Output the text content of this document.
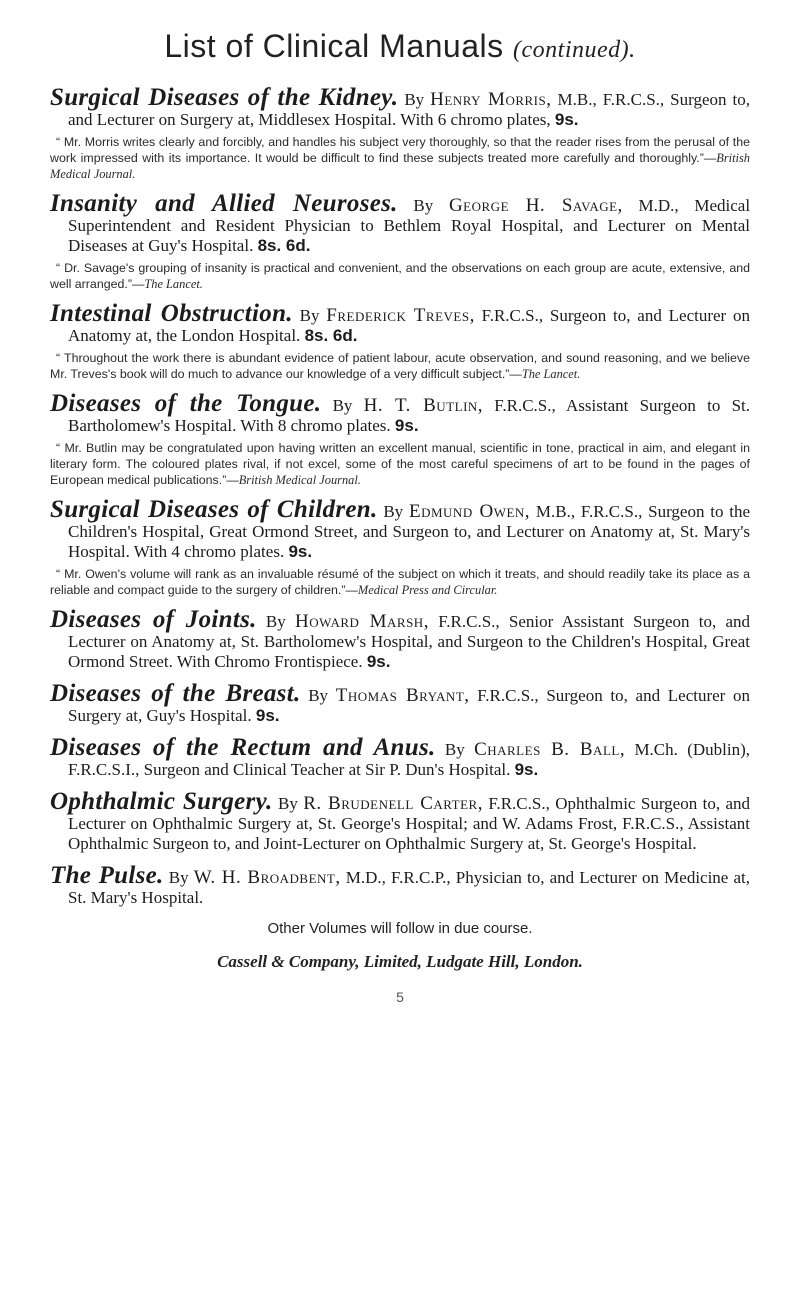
List of Clinical Manuals (continued).

Surgical Diseases of the Kidney. By Henry Morris, M.B., F.R.C.S., Surgeon to, and Lecturer on Surgery at, Middlesex Hospital. With 6 chromo plates, 9s.

“ Mr. Morris writes clearly and forcibly, and handles his subject very thoroughly, so that the reader rises from the perusal of the work impressed with its importance. It would be difficult to find these subjects treated more carefully and thoroughly.”—British Medical Journal.

Insanity and Allied Neuroses. By George H. Savage, M.D., Medical Superintendent and Resident Physician to Bethlem Royal Hospital, and Lecturer on Mental Diseases at Guy's Hospital. 8s. 6d.

“ Dr. Savage's grouping of insanity is practical and convenient, and the observations on each group are acute, extensive, and well arranged.”—The Lancet.

Intestinal Obstruction. By Frederick Treves, F.R.C.S., Surgeon to, and Lecturer on Anatomy at, the London Hospital. 8s. 6d.

“ Throughout the work there is abundant evidence of patient labour, acute observation, and sound reasoning, and we believe Mr. Treves's book will do much to advance our knowledge of a very difficult subject.”—The Lancet.

Diseases of the Tongue. By H. T. Butlin, F.R.C.S., Assistant Surgeon to St. Bartholomew's Hospital. With 8 chromo plates. 9s.

“ Mr. Butlin may be congratulated upon having written an excellent manual, scientific in tone, practical in aim, and elegant in literary form. The coloured plates rival, if not excel, some of the most careful specimens of art to be found in the pages of European medical publications.”—British Medical Journal.

Surgical Diseases of Children. By Edmund Owen, M.B., F.R.C.S., Surgeon to the Children's Hospital, Great Ormond Street, and Surgeon to, and Lecturer on Anatomy at, St. Mary's Hospital. With 4 chromo plates. 9s.

“ Mr. Owen's volume will rank as an invaluable résumé of the subject on which it treats, and should readily take its place as a reliable and compact guide to the surgery of children.”—Medical Press and Circular.

Diseases of Joints. By Howard Marsh, F.R.C.S., Senior Assistant Surgeon to, and Lecturer on Anatomy at, St. Bartholomew's Hospital, and Surgeon to the Children's Hospital, Great Ormond Street. With Chromo Frontispiece. 9s.

Diseases of the Breast. By Thomas Bryant, F.R.C.S., Surgeon to, and Lecturer on Surgery at, Guy's Hospital. 9s.

Diseases of the Rectum and Anus. By Charles B. Ball, M.Ch. (Dublin), F.R.C.S.I., Surgeon and Clinical Teacher at Sir P. Dun's Hospital. 9s.

Ophthalmic Surgery. By R. Brudenell Carter, F.R.C.S., Ophthalmic Surgeon to, and Lecturer on Ophthalmic Surgery at, St. George's Hospital; and W. Adams Frost, F.R.C.S., Assistant Ophthalmic Surgeon to, and Joint-Lecturer on Ophthalmic Surgery at, St. George's Hospital.

The Pulse. By W. H. Broadbent, M.D., F.R.C.P., Physician to, and Lecturer on Medicine at, St. Mary's Hospital.

Other Volumes will follow in due course.

Cassell & Company, Limited, Ludgate Hill, London.

5
